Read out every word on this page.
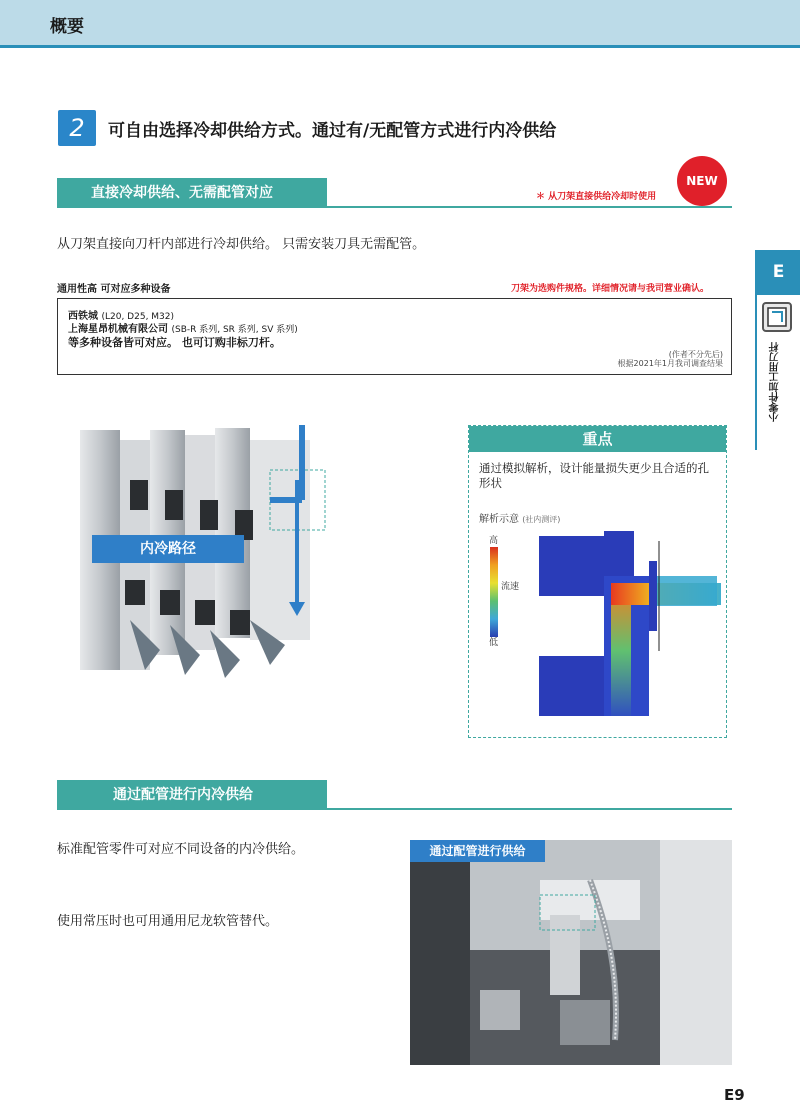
概要
2	可自由选择冷却供给方式。通过有/无配管方式进行内冷供给
直接冷却供给、无需配管对应	＊ 从刀架直接供给冷却时使用
NEW
从刀架直接向刀杆内部进行冷却供给。 只需安装刀具无需配管。
通用性高 可对应多种设备	刀架为选购件规格。详细情况请与我司营业确认。
西铁城 (L20, D25, M32)
上海星昂机械有限公司 (SB-R 系列, SR 系列, SV 系列)
等多种设备皆可对应。 也可订购非标刀杆。
(作者不分先后)
根据2021年1月我司调查结果
E
小零件加工用刀杆
内冷路径
重点
通过模拟解析，设计能量损失更少且合适的孔形状
解析示意 (社内测评)
高
流速
低
通过配管进行内冷供给
标准配管零件可对应不同设备的内冷供给。
使用常压时也可用通用尼龙软管替代。
通过配管进行供给
E9
